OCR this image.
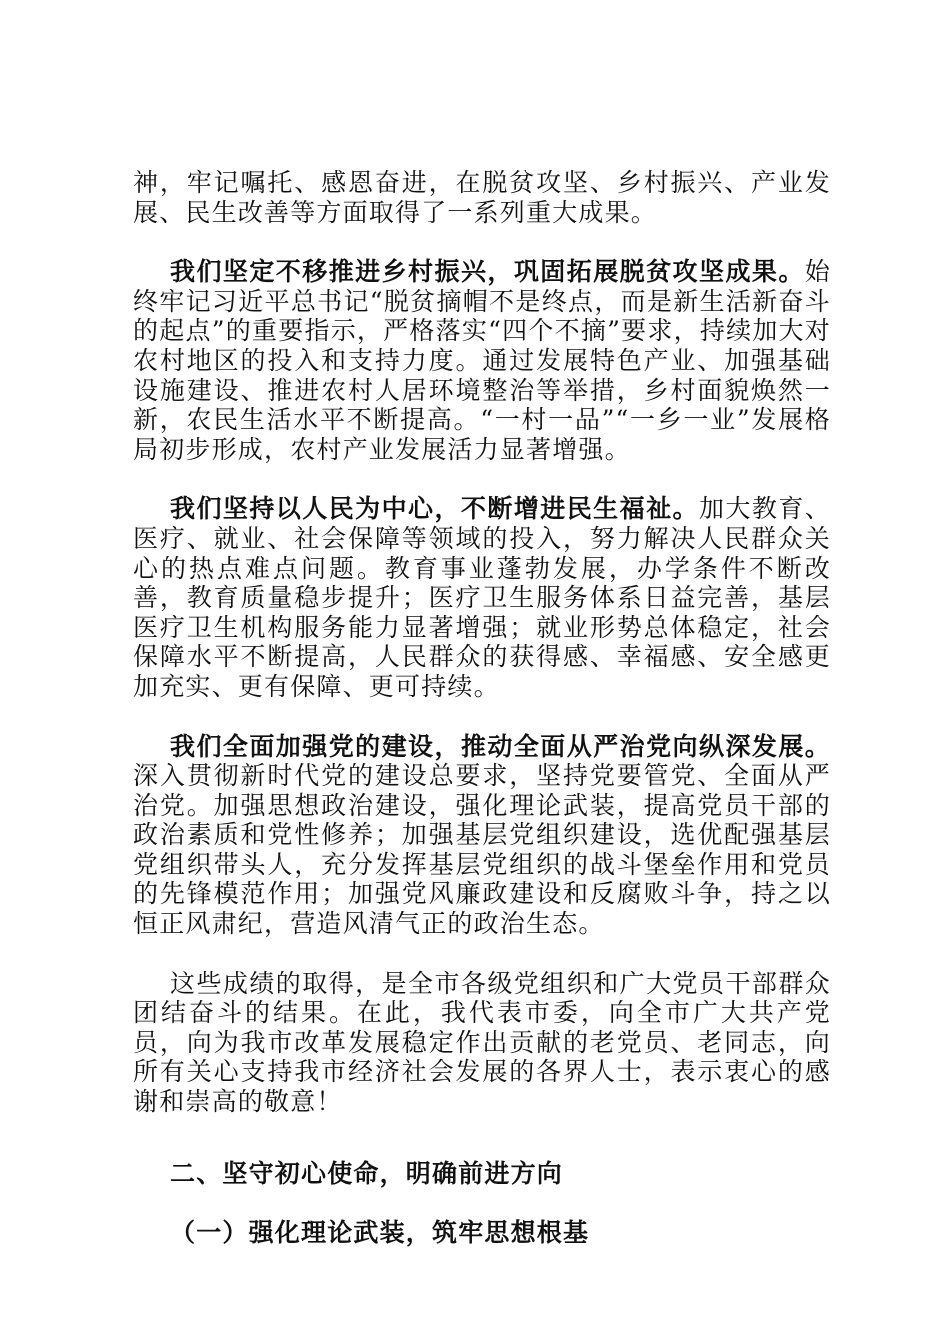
神，牢记嘱托、感恩奋进，在脱贫攻坚、乡村振兴、产业发展、民生改善等方面取得了一系列重大成果。

我们坚定不移推进乡村振兴，巩固拓展脱贫攻坚成果。始终牢记习近平总书记“脱贫摘帽不是终点，而是新生活新奋斗的起点”的重要指示，严格落实“四个不摘”要求，持续加大对农村地区的投入和支持力度。通过发展特色产业、加强基础设施建设、推进农村人居环境整治等举措，乡村面貌焕然一新，农民生活水平不断提高。“一村一品”“一乡一业”发展格局初步形成，农村产业发展活力显著增强。

我们坚持以人民为中心，不断增进民生福祉。加大教育、医疗、就业、社会保障等领域的投入，努力解决人民群众关心的热点难点问题。教育事业蓬勃发展，办学条件不断改善，教育质量稳步提升；医疗卫生服务体系日益完善，基层医疗卫生机构服务能力显著增强；就业形势总体稳定，社会保障水平不断提高，人民群众的获得感、幸福感、安全感更加充实、更有保障、更可持续。

我们全面加强党的建设，推动全面从严治党向纵深发展。深入贯彻新时代党的建设总要求，坚持党要管党、全面从严治党。加强思想政治建设，强化理论武装，提高党员干部的政治素质和党性修养；加强基层党组织建设，选优配强基层党组织带头人，充分发挥基层党组织的战斗堡垒作用和党员的先锋模范作用；加强党风廉政建设和反腐败斗争，持之以恒正风肃纪，营造风清气正的政治生态。

这些成绩的取得，是全市各级党组织和广大党员干部群众团结奋斗的结果。在此，我代表市委，向全市广大共产党员，向为我市改革发展稳定作出贡献的老党员、老同志，向所有关心支持我市经济社会发展的各界人士，表示衷心的感谢和崇高的敬意！

二、坚守初心使命，明确前进方向

（一）强化理论武装，筑牢思想根基
